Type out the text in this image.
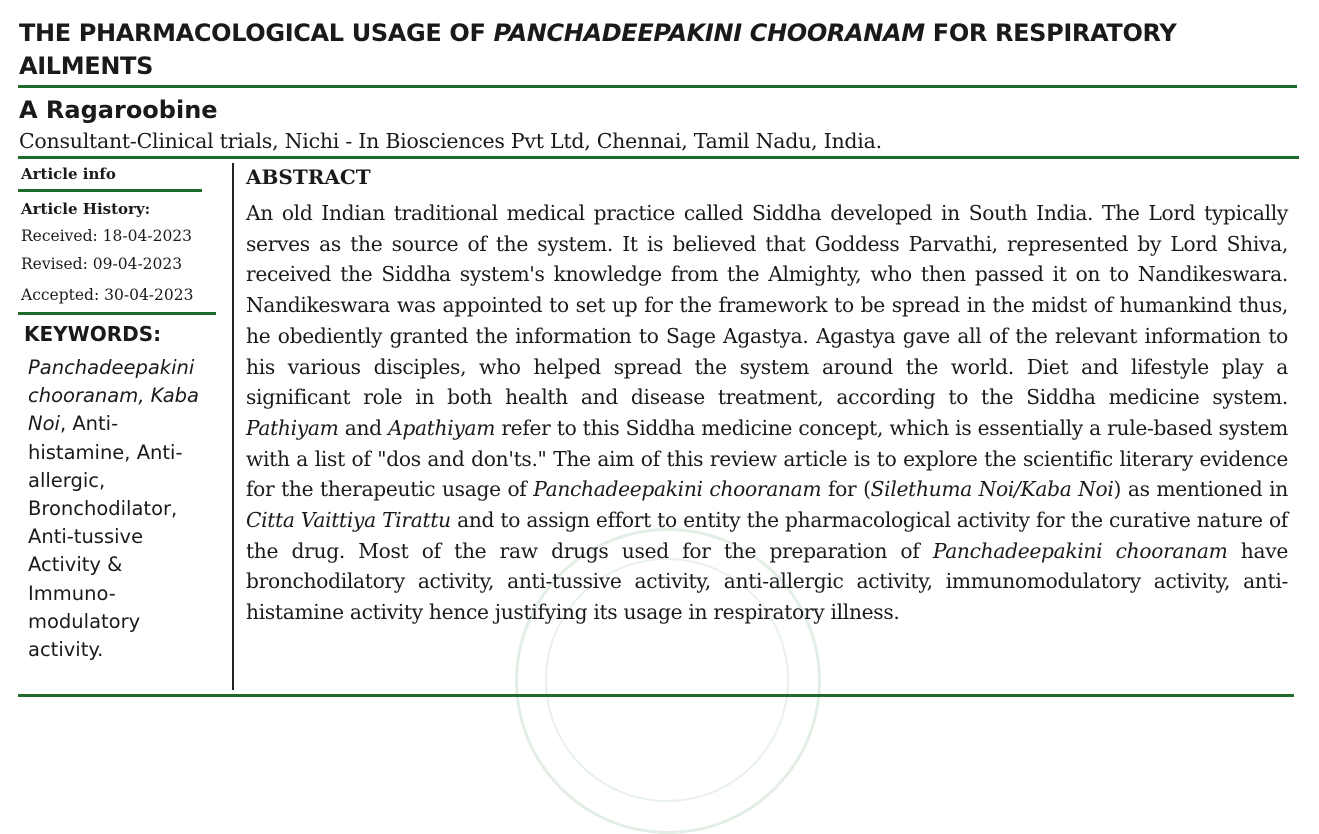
THE PHARMACOLOGICAL USAGE OF PANCHADEEPAKINI CHOORANAM FOR RESPIRATORY AILMENTS
A Ragaroobine
Consultant-Clinical trials, Nichi - In Biosciences Pvt Ltd, Chennai, Tamil Nadu, India.
Article info
Article History:
Received: 18-04-2023
Revised: 09-04-2023
Accepted: 30-04-2023
KEYWORDS:
Panchadeepakini chooranam, Kaba Noi, Anti-histamine, Anti-allergic, Bronchodilator, Anti-tussive Activity & Immuno-modulatory activity.
ABSTRACT
An old Indian traditional medical practice called Siddha developed in South India. The Lord typically serves as the source of the system. It is believed that Goddess Parvathi, represented by Lord Shiva, received the Siddha system's knowledge from the Almighty, who then passed it on to Nandikeswara. Nandikeswara was appointed to set up for the framework to be spread in the midst of humankind thus, he obediently granted the information to Sage Agastya. Agastya gave all of the relevant information to his various disciples, who helped spread the system around the world. Diet and lifestyle play a significant role in both health and disease treatment, according to the Siddha medicine system. Pathiyam and Apathiyam refer to this Siddha medicine concept, which is essentially a rule-based system with a list of "dos and don'ts." The aim of this review article is to explore the scientific literary evidence for the therapeutic usage of Panchadeepakini chooranam for (Silethuma Noi/Kaba Noi) as mentioned in Citta Vaittiya Tirattu and to assign effort to entity the pharmacological activity for the curative nature of the drug. Most of the raw drugs used for the preparation of Panchadeepakini chooranam have bronchodilatory activity, anti-tussive activity, anti-allergic activity, immunomodulatory activity, anti-histamine activity hence justifying its usage in respiratory illness.
